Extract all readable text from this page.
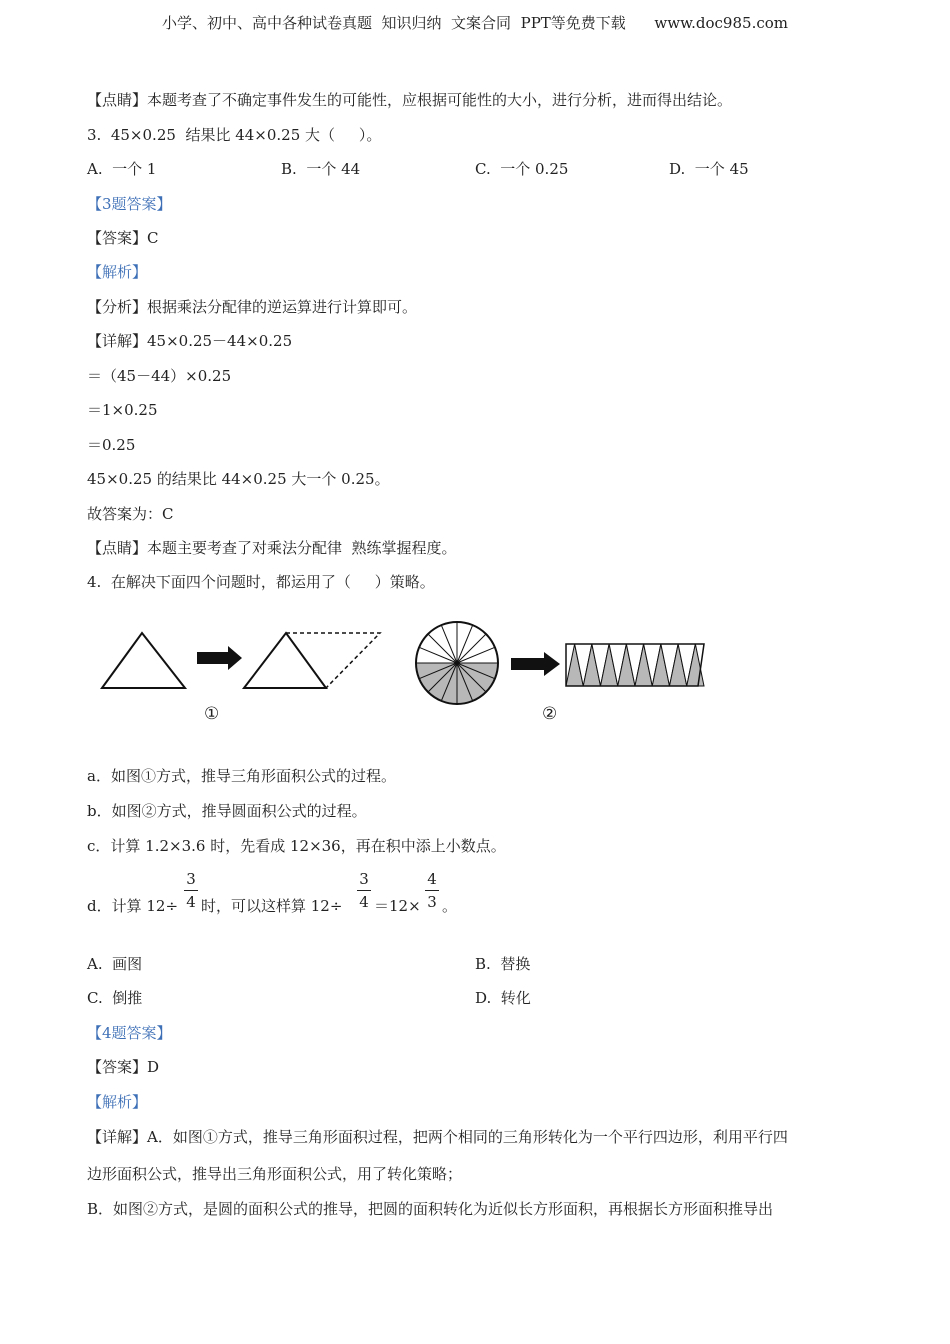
小学、初中、高中各种试卷真题  知识归纳  文案合同  PPT等免费下载      www.doc985.com
【点睛】本题考查了不确定事件发生的可能性，应根据可能性的大小，进行分析，进而得出结论。
3.  45×0.25  结果比 44×0.25 大（     ）。
A.  一个 1	B.  一个 44	C.  一个 0.25	D.  一个 45
【3题答案】
【答案】C
【解析】
【分析】根据乘法分配律的逆运算进行计算即可。
【详解】45×0.25－44×0.25
＝（45－44）×0.25
＝1×0.25
＝0.25
45×0.25 的结果比 44×0.25 大一个 0.25。
故答案为：C
【点睛】本题主要考查了对乘法分配律  熟练掌握程度。
4.  在解决下面四个问题时，都运用了（     ）策略。
①	②
a．如图①方式，推导三角形面积公式的过程。
b．如图②方式，推导圆面积公式的过程。
c．计算 1.2×3.6 时，先看成 12×36，再在积中添上小数点。
d．计算 $12\div \frac{3}{4}$ 时，可以这样算 $12\div \frac{3}{4} =12\times \frac{4}{3}$ 。
A.  画图	B.  替换
C.  倒推	D.  转化
【4题答案】
【答案】D
【解析】
【详解】A．如图①方式，推导三角形面积过程，把两个相同的三角形转化为一个平行四边形，利用平行四
边形面积公式，推导出三角形面积公式，用了转化策略；
B．如图②方式，是圆的面积公式的推导，把圆的面积转化为近似长方形面积，再根据长方形面积推导出
